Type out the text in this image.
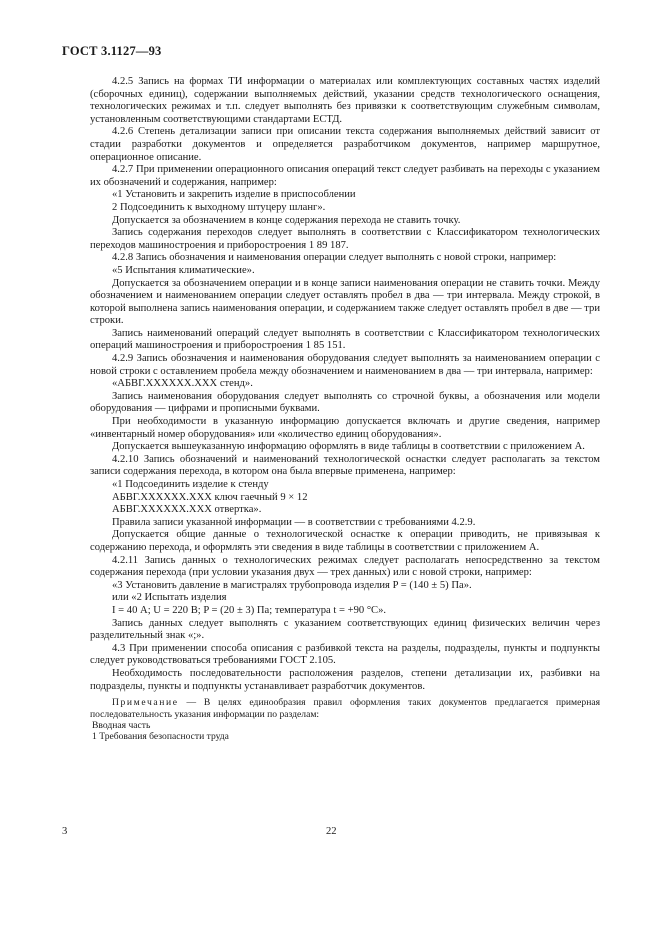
ГОСТ 3.1127—93

4.2.5 Запись на формах ТИ информации о материалах или комплектующих составных частях изделий (сборочных единиц), содержании выполняемых действий, указании средств технологического оснащения, технологических режимах и т.п. следует выполнять без привязки к соответствующим служебным символам, установленным соответствующими стандартами ЕСТД.

4.2.6 Степень детализации записи при описании текста содержания выполняемых действий зависит от стадии разработки документов и определяется разработчиком документов, например маршрутное, операционное описание.

4.2.7 При применении операционного описания операций текст следует разбивать на переходы с указанием их обозначений и содержания, например:

«1 Установить и закрепить изделие в приспособлении

2 Подсоединить к выходному штуцеру шланг».

Допускается за обозначением в конце содержания перехода не ставить точку.

Запись содержания переходов следует выполнять в соответствии с Классификатором технологических переходов машиностроения и приборостроения 1 89 187.

4.2.8 Запись обозначения и наименования операции следует выполнять с новой строки, например:

«5 Испытания климатические».

Допускается за обозначением операции и в конце записи наименования операции не ставить точки. Между обозначением и наименованием операции следует оставлять пробел в два — три интервала. Между строкой, в которой выполнена запись наименования операции, и содержанием также следует оставлять пробел в две — три строки.

Запись наименований операций следует выполнять в соответствии с Классификатором технологических операций машиностроения и приборостроения 1 85 151.

4.2.9 Запись обозначения и наименования оборудования следует выполнять за наименованием операции с новой строки с оставлением пробела между обозначением и наименованием в два — три интервала, например:

«АБВГ.XXXXXX.XXX стенд».

Запись наименования оборудования следует выполнять со строчной буквы, а обозначения или модели оборудования — цифрами и прописными буквами.

При необходимости в указанную информацию допускается включать и другие сведения, например «инвентарный номер оборудования» или «количество единиц оборудования».

Допускается вышеуказанную информацию оформлять в виде таблицы в соответствии с приложением А.

4.2.10 Запись обозначений и наименований технологической оснастки следует располагать за текстом записи содержания перехода, в котором она была впервые применена, например:

«1 Подсоединить изделие к стенду

АБВГ.XXXXXX.XXX ключ гаечный 9 × 12

АБВГ.XXXXXX.XXX отвертка».

Правила записи указанной информации — в соответствии с требованиями 4.2.9.

Допускается общие данные о технологической оснастке к операции приводить, не привязывая к содержанию перехода, и оформлять эти сведения в виде таблицы в соответствии с приложением А.

4.2.11 Запись данных о технологических режимах следует располагать непосредственно за текстом содержания перехода (при условии указания двух — трех данных) или с новой строки, например:

«3 Установить давление в магистралях трубопровода изделия P = (140 ± 5) Па».

или «2 Испытать изделия

I = 40 А; U = 220 В; P = (20 ± 3) Па; температура t = +90 °С».

Запись данных следует выполнять с указанием соответствующих единиц физических величин через разделительный знак «;».

4.3 При применении способа описания с разбивкой текста на разделы, подразделы, пункты и подпункты следует руководствоваться требованиями ГОСТ 2.105.

Необходимость последовательности расположения разделов, степени детализации их, разбивки на подразделы, пункты и подпункты устанавливает разработчик документов.

Примечание — В целях единообразия правил оформления таких документов предлагается примерная последовательность указания информации по разделам:

Вводная часть

1 Требования безопасности труда

3	22
